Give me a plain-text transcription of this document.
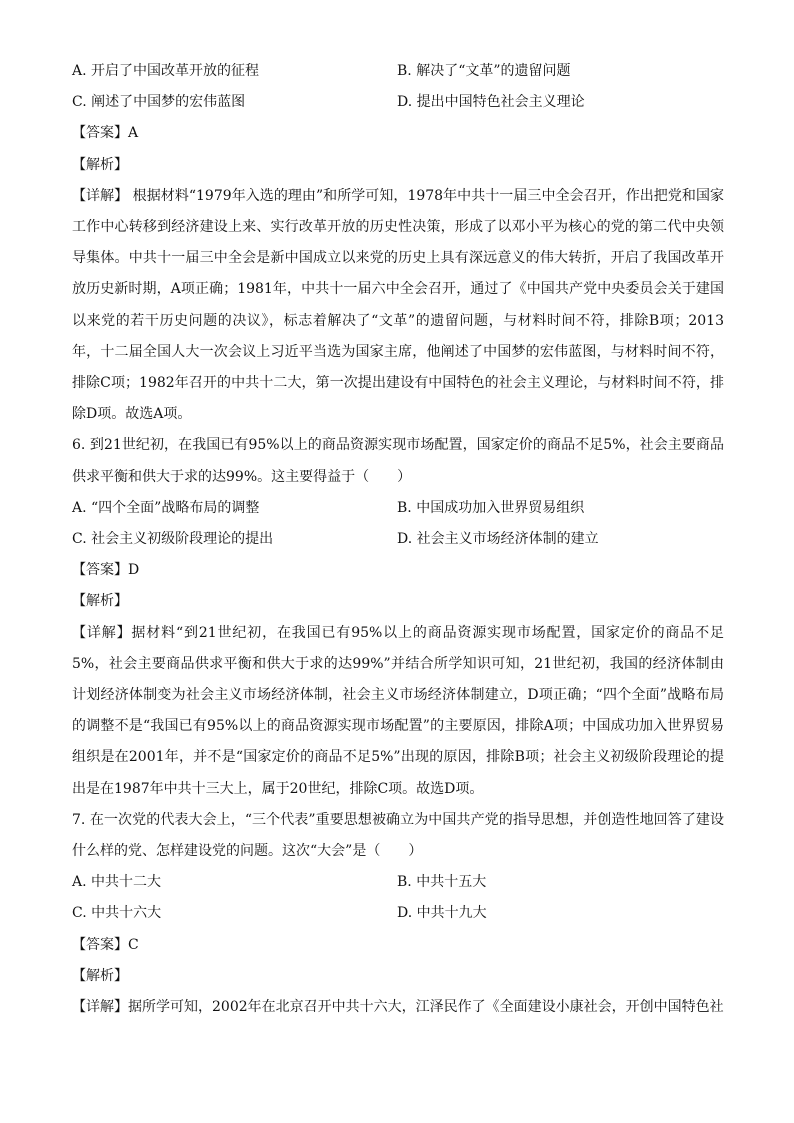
A. 开启了中国改革开放的征程	B. 解决了“文革”的遗留问题
C. 阐述了中国梦的宏伟蓝图	D. 提出中国特色社会主义理论
【答案】A
【解析】

【详解】 根据材料“1979年入选的理由”和所学可知，1978年中共十一届三中全会召开，作出把党和国家工作中心转移到经济建设上来、实行改革开放的历史性决策，形成了以邓小平为核心的党的第二代中央领导集体。中共十一届三中全会是新中国成立以来党的历史上具有深远意义的伟大转折，开启了我国改革开放历史新时期，A项正确；1981年，中共十一届六中全会召开，通过了《中国共产党中央委员会关于建国以来党的若干历史问题的决议》，标志着解决了“文革”的遗留问题，与材料时间不符，排除B项；2013年，十二届全国人大一次会议上习近平当选为国家主席，他阐述了中国梦的宏伟蓝图，与材料时间不符，排除C项；1982年召开的中共十二大，第一次提出建设有中国特色的社会主义理论，与材料时间不符，排除D项。故选A项。

6. 到21世纪初，在我国已有95%以上的商品资源实现市场配置，国家定价的商品不足5%，社会主要商品供求平衡和供大于求的达99%。这主要得益于（　　）

A. “四个全面”战略布局的调整	B. 中国成功加入世界贸易组织
C. 社会主义初级阶段理论的提出	D. 社会主义市场经济体制的建立
【答案】D
【解析】

【详解】据材料“到21世纪初，在我国已有95%以上的商品资源实现市场配置，国家定价的商品不足5%，社会主要商品供求平衡和供大于求的达99%”并结合所学知识可知，21世纪初，我国的经济体制由计划经济体制变为社会主义市场经济体制，社会主义市场经济体制建立，D项正确；“四个全面”战略布局的调整不是“我国已有95%以上的商品资源实现市场配置”的主要原因，排除A项；中国成功加入世界贸易组织是在2001年，并不是“国家定价的商品不足5%”出现的原因，排除B项；社会主义初级阶段理论的提出是在1987年中共十三大上，属于20世纪，排除C项。故选D项。

7. 在一次党的代表大会上，“三个代表”重要思想被确立为中国共产党的指导思想，并创造性地回答了建设什么样的党、怎样建设党的问题。这次“大会”是（　　）

A. 中共十二大	B. 中共十五大
C. 中共十六大	D. 中共十九大
【答案】C
【解析】

【详解】据所学可知，2002年在北京召开中共十六大，江泽民作了《全面建设小康社会，开创中国特色社
